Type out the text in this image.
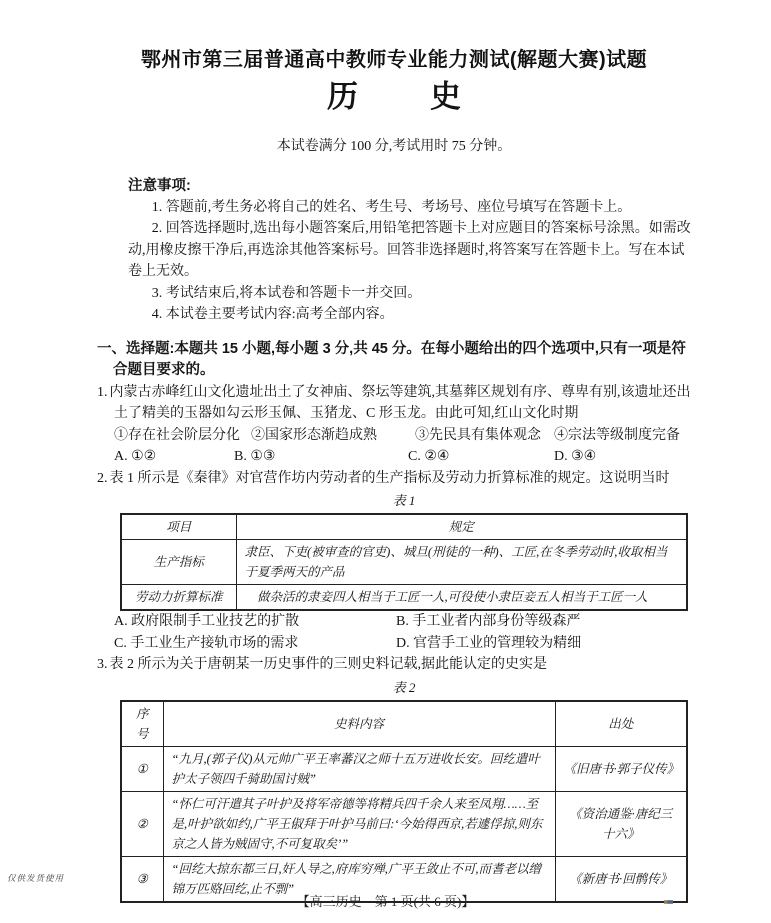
鄂州市第三届普通高中教师专业能力测试(解题大赛)试题
历 史
本试卷满分 100 分,考试用时 75 分钟。
注意事项:

1. 答题前,考生务必将自己的姓名、考生号、考场号、座位号填写在答题卡上。

2. 回答选择题时,选出每小题答案后,用铅笔把答题卡上对应题目的答案标号涂黑。如需改动,用橡皮擦干净后,再选涂其他答案标号。回答非选择题时,将答案写在答题卡上。写在本试卷上无效。

3. 考试结束后,将本试卷和答题卡一并交回。

4. 本试卷主要考试内容:高考全部内容。

一、选择题:本题共 15 小题,每小题 3 分,共 45 分。在每小题给出的四个选项中,只有一项是符合题目要求的。

1. 内蒙古赤峰红山文化遗址出土了女神庙、祭坛等建筑,其墓葬区规划有序、尊卑有别,该遗址还出土了精美的玉器如勾云形玉佩、玉猪龙、C 形玉龙。由此可知,红山文化时期

①存在社会阶层分化 ②国家形态渐趋成熟	③先民具有集体观念 ④宗法等级制度完备
A. ①②	B. ①③	C. ②④	D. ③④

2. 表 1 所示是《秦律》对官营作坊内劳动者的生产指标及劳动力折算标准的规定。这说明当时

表 1
项目	规定
生产指标	隶臣、下吏(被审查的官吏)、城旦(刑徒的一种)、工匠,在冬季劳动时,收取相当于夏季两天的产品
劳动力折算标准	做杂活的隶妾四人相当于工匠一人,可役使小隶臣妾五人相当于工匠一人
A. 政府限制手工业技艺的扩散	B. 手工业者内部身份等级森严
C. 手工业生产接轨市场的需求	D. 官营手工业的管理较为精细

3. 表 2 所示为关于唐朝某一历史事件的三则史料记载,据此能认定的史实是

表 2
序号	史料内容	出处
①	“九月,(郭子仪)从元帅广平王率蕃汉之师十五万进收长安。回纥遣叶护太子领四千骑助国讨贼”	《旧唐书·郭子仪传》
②	“怀仁可汗遣其子叶护及将军帝德等将精兵四千余人来至凤翔……至是,叶护欲如约,广平王俶拜于叶护马前曰:‘今始得西京,若遽俘掠,则东京之人皆为贼固守,不可复取矣’”	《资治通鉴·唐纪三十六》
③	“回纥大掠东都三日,奸人导之,府库穷殚,广平王敛止不可,而耆老以缯锦万匹赂回纥,止不剽”	《新唐书·回鹘传》
仅供发货使用
【高三历史　第 1 页(共 6 页)】
